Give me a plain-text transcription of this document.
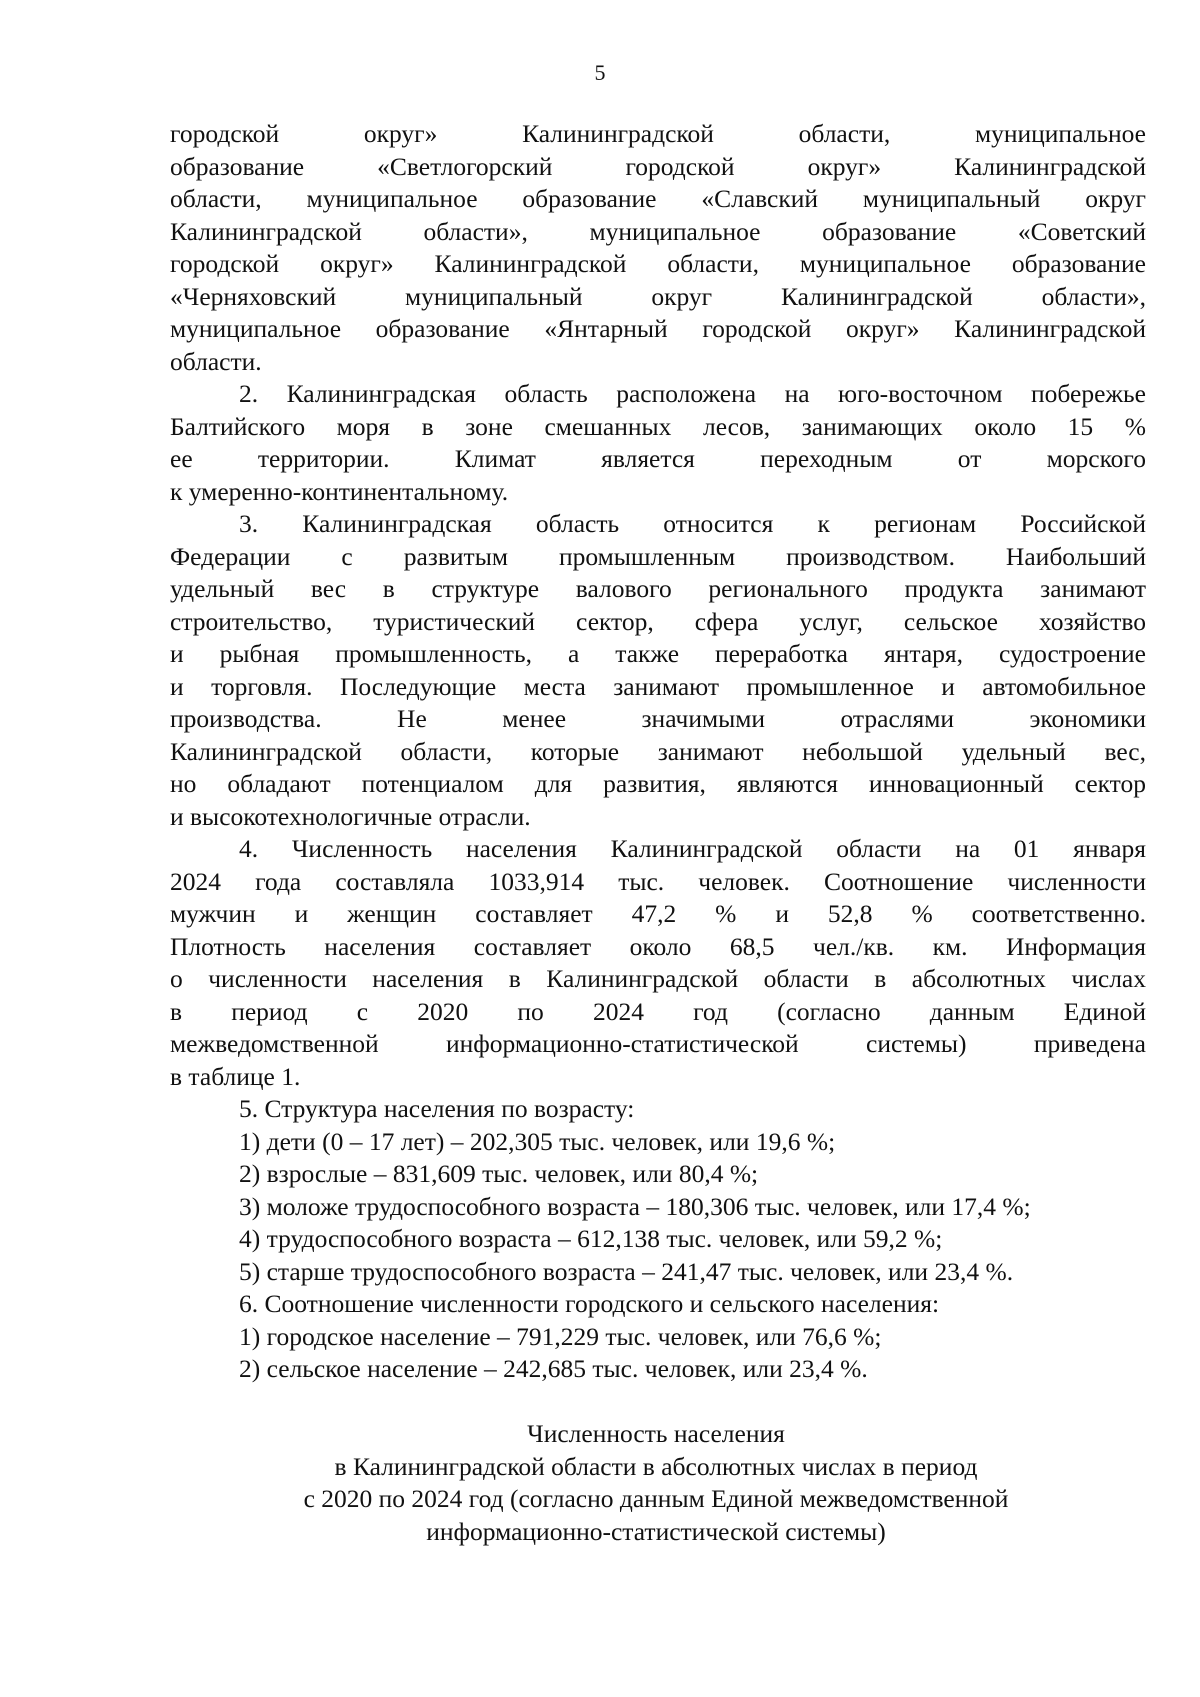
5
городской округ» Калининградской области, муниципальное
образование «Светлогорский городской округ» Калининградской
области, муниципальное образование «Славский муниципальный округ
Калининградской области», муниципальное образование «Советский
городской округ» Калининградской области, муниципальное образование
«Черняховский муниципальный округ Калининградской области»,
муниципальное образование «Янтарный городской округ» Калининградской
области.
2. Калининградская область расположена на юго-восточном побережье
Балтийского моря в зоне смешанных лесов, занимающих около 15 %
ее территории. Климат является переходным от морского
к умеренно-континентальному.
3. Калининградская область относится к регионам Российской
Федерации с развитым промышленным производством. Наибольший
удельный вес в структуре валового регионального продукта занимают
строительство, туристический сектор, сфера услуг, сельское хозяйство
и рыбная промышленность, а также переработка янтаря, судостроение
и торговля. Последующие места занимают промышленное и автомобильное
производства. Не менее значимыми отраслями экономики
Калининградской области, которые занимают небольшой удельный вес,
но обладают потенциалом для развития, являются инновационный сектор
и высокотехнологичные отрасли.
4. Численность населения Калининградской области на 01 января
2024 года составляла 1033,914 тыс. человек. Соотношение численности
мужчин и женщин составляет 47,2 % и 52,8 % соответственно.
Плотность населения составляет около 68,5 чел./кв. км. Информация
о численности населения в Калининградской области в абсолютных числах
в период с 2020 по 2024 год (согласно данным Единой
межведомственной информационно-статистической системы) приведена
в таблице 1.
5. Структура населения по возрасту:
1) дети (0 – 17 лет) – 202,305 тыс. человек, или 19,6 %;
2) взрослые – 831,609 тыс. человек, или 80,4 %;
3) моложе трудоспособного возраста – 180,306 тыс. человек, или 17,4 %;
4) трудоспособного возраста – 612,138 тыс. человек, или 59,2 %;
5) старше трудоспособного возраста – 241,47 тыс. человек, или 23,4 %.
6. Соотношение численности городского и сельского населения:
1) городское население – 791,229 тыс. человек, или 76,6 %;
2) сельское население – 242,685 тыс. человек, или 23,4 %.
Численность населения
в Калининградской области в абсолютных числах в период
с 2020 по 2024 год (согласно данным Единой межведомственной
информационно-статистической системы)
